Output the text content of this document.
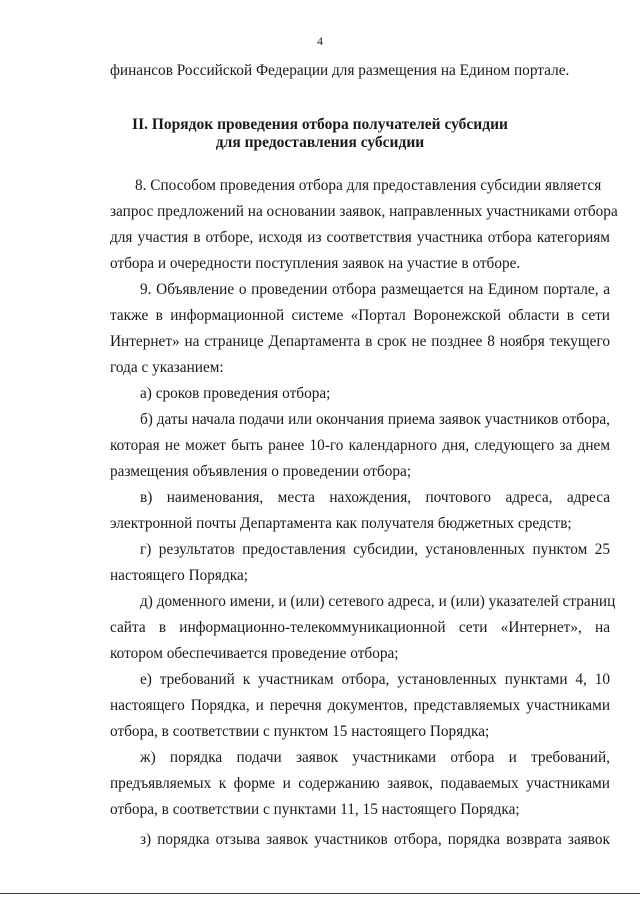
4
финансов Российской Федерации для размещения на Едином портале.
II. Порядок проведения отбора получателей субсидии
для предоставления субсидии
8. Способом проведения отбора для предоставления субсидии является
запрос предложений на основании заявок, направленных участниками отбора
для участия в отборе, исходя из соответствия участника отбора категориям
отбора и очередности поступления заявок на участие в отборе.
9. Объявление о проведении отбора размещается на Едином портале, а
также в информационной системе «Портал Воронежской области в сети
Интернет» на странице Департамента в срок не позднее 8 ноября текущего
года с указанием:
а) сроков проведения отбора;
б) даты начала подачи или окончания приема заявок участников отбора,
которая не может быть ранее 10-го календарного дня, следующего за днем
размещения объявления о проведении отбора;
в) наименования, места нахождения, почтового адреса, адреса
электронной почты Департамента как получателя бюджетных средств;
г) результатов предоставления субсидии, установленных пунктом 25
настоящего Порядка;
д) доменного имени, и (или) сетевого адреса, и (или) указателей страниц
сайта в информационно-телекоммуникационной сети «Интернет», на
котором обеспечивается проведение отбора;
е) требований к участникам отбора, установленных пунктами 4, 10
настоящего Порядка, и перечня документов, представляемых участниками
отбора, в соответствии с пунктом 15 настоящего Порядка;
ж) порядка подачи заявок участниками отбора и требований,
предъявляемых к форме и содержанию заявок, подаваемых участниками
отбора, в соответствии с пунктами 11, 15 настоящего Порядка;
з) порядка отзыва заявок участников отбора, порядка возврата заявок
